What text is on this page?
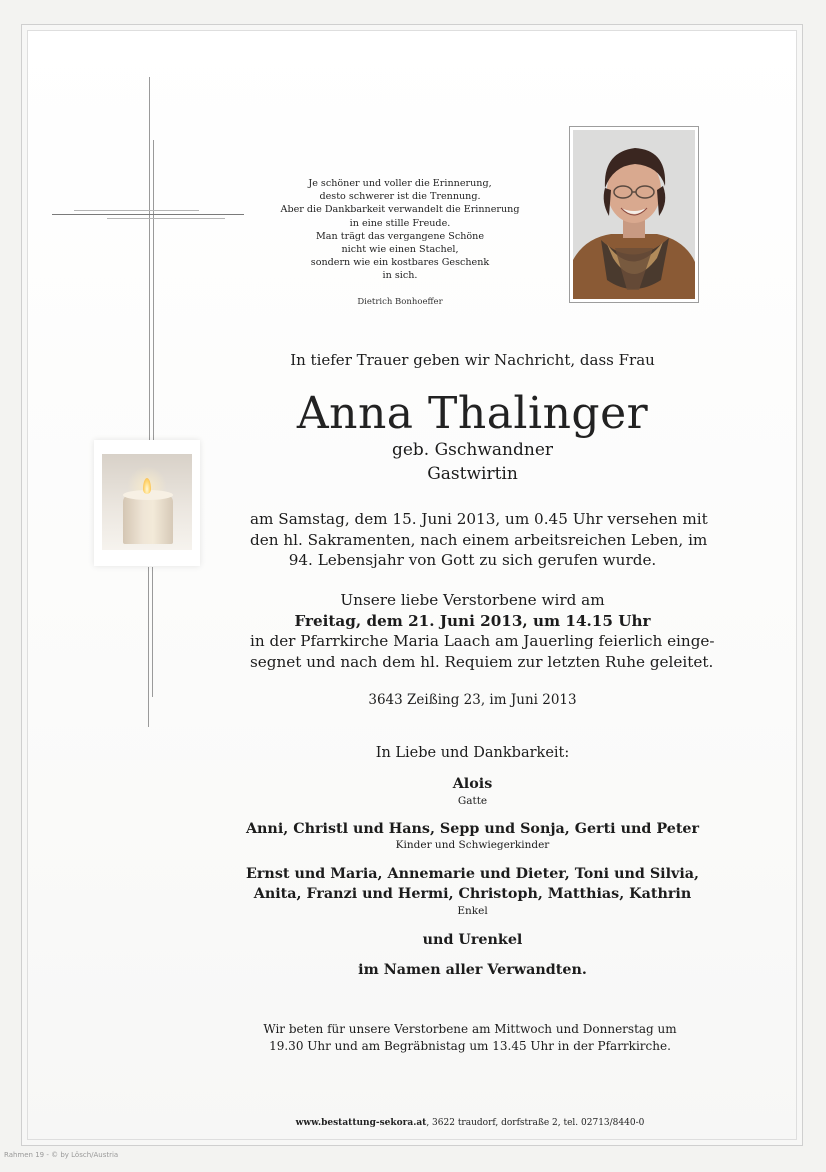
Je schöner und voller die Erinnerung,
desto schwerer ist die Trennung.
Aber die Dankbarkeit verwandelt die Erinnerung
in eine stille Freude.
Man trägt das vergangene Schöne
nicht wie einen Stachel,
sondern wie ein kostbares Geschenk
in sich.
Dietrich Bonhoeffer
In tiefer Trauer geben wir Nachricht, dass Frau
Anna Thalinger
geb. Gschwandner
Gastwirtin
am Samstag, dem 15. Juni 2013, um 0.45 Uhr versehen mit
den hl. Sakramenten, nach einem arbeitsreichen Leben, im
94. Lebensjahr von Gott zu sich gerufen wurde.
Unsere liebe Verstorbene wird am
Freitag, dem 21. Juni 2013, um 14.15 Uhr
in der Pfarrkirche Maria Laach am Jauerling feierlich einge-
segnet und nach dem hl. Requiem zur letzten Ruhe geleitet.
3643 Zeißing 23, im Juni 2013
In Liebe und Dankbarkeit:
Alois
Gatte
Anni, Christl und Hans, Sepp und Sonja, Gerti und Peter
Kinder und Schwiegerkinder
Ernst und Maria, Annemarie und Dieter, Toni und Silvia,
Anita, Franzi und Hermi, Christoph, Matthias, Kathrin
Enkel
und Urenkel
im Namen aller Verwandten.
Wir beten für unsere Verstorbene am Mittwoch und Donnerstag um
19.30 Uhr und am Begräbnistag um 13.45 Uhr in der Pfarrkirche.
www.bestattung-sekora.at, 3622 traudorf, dorfstraße 2, tel. 02713/8440-0
Rahmen 19 - © by Lösch/Austria
